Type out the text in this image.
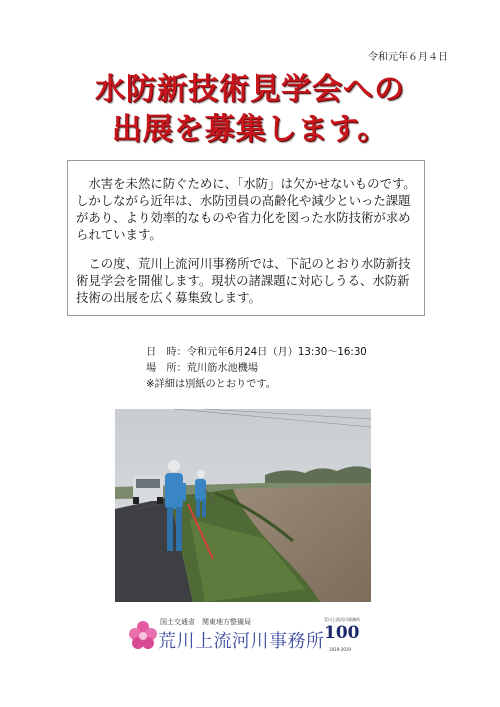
令和元年６月４日
水防新技術見学会への
出展を募集します。

水害を未然に防ぐために、「水防」は欠かせないものです。しかしながら近年は、水防団員の高齢化や減少といった課題があり、より効率的なものや省力化を図った水防技術が求められています。

この度、荒川上流河川事務所では、下記のとおり水防新技術見学会を開催します。現状の諸課題に対応しうる、水防新技術の出展を広く募集致します。

日　時：令和元年6月24日（月）13:30～16:30
場　所：荒川筋水池機場
※詳細は別紙のとおりです。
国土交通省　関東地方整備局
荒川上流河川事務所
荒川上流河川事務所
100
1919-2019
